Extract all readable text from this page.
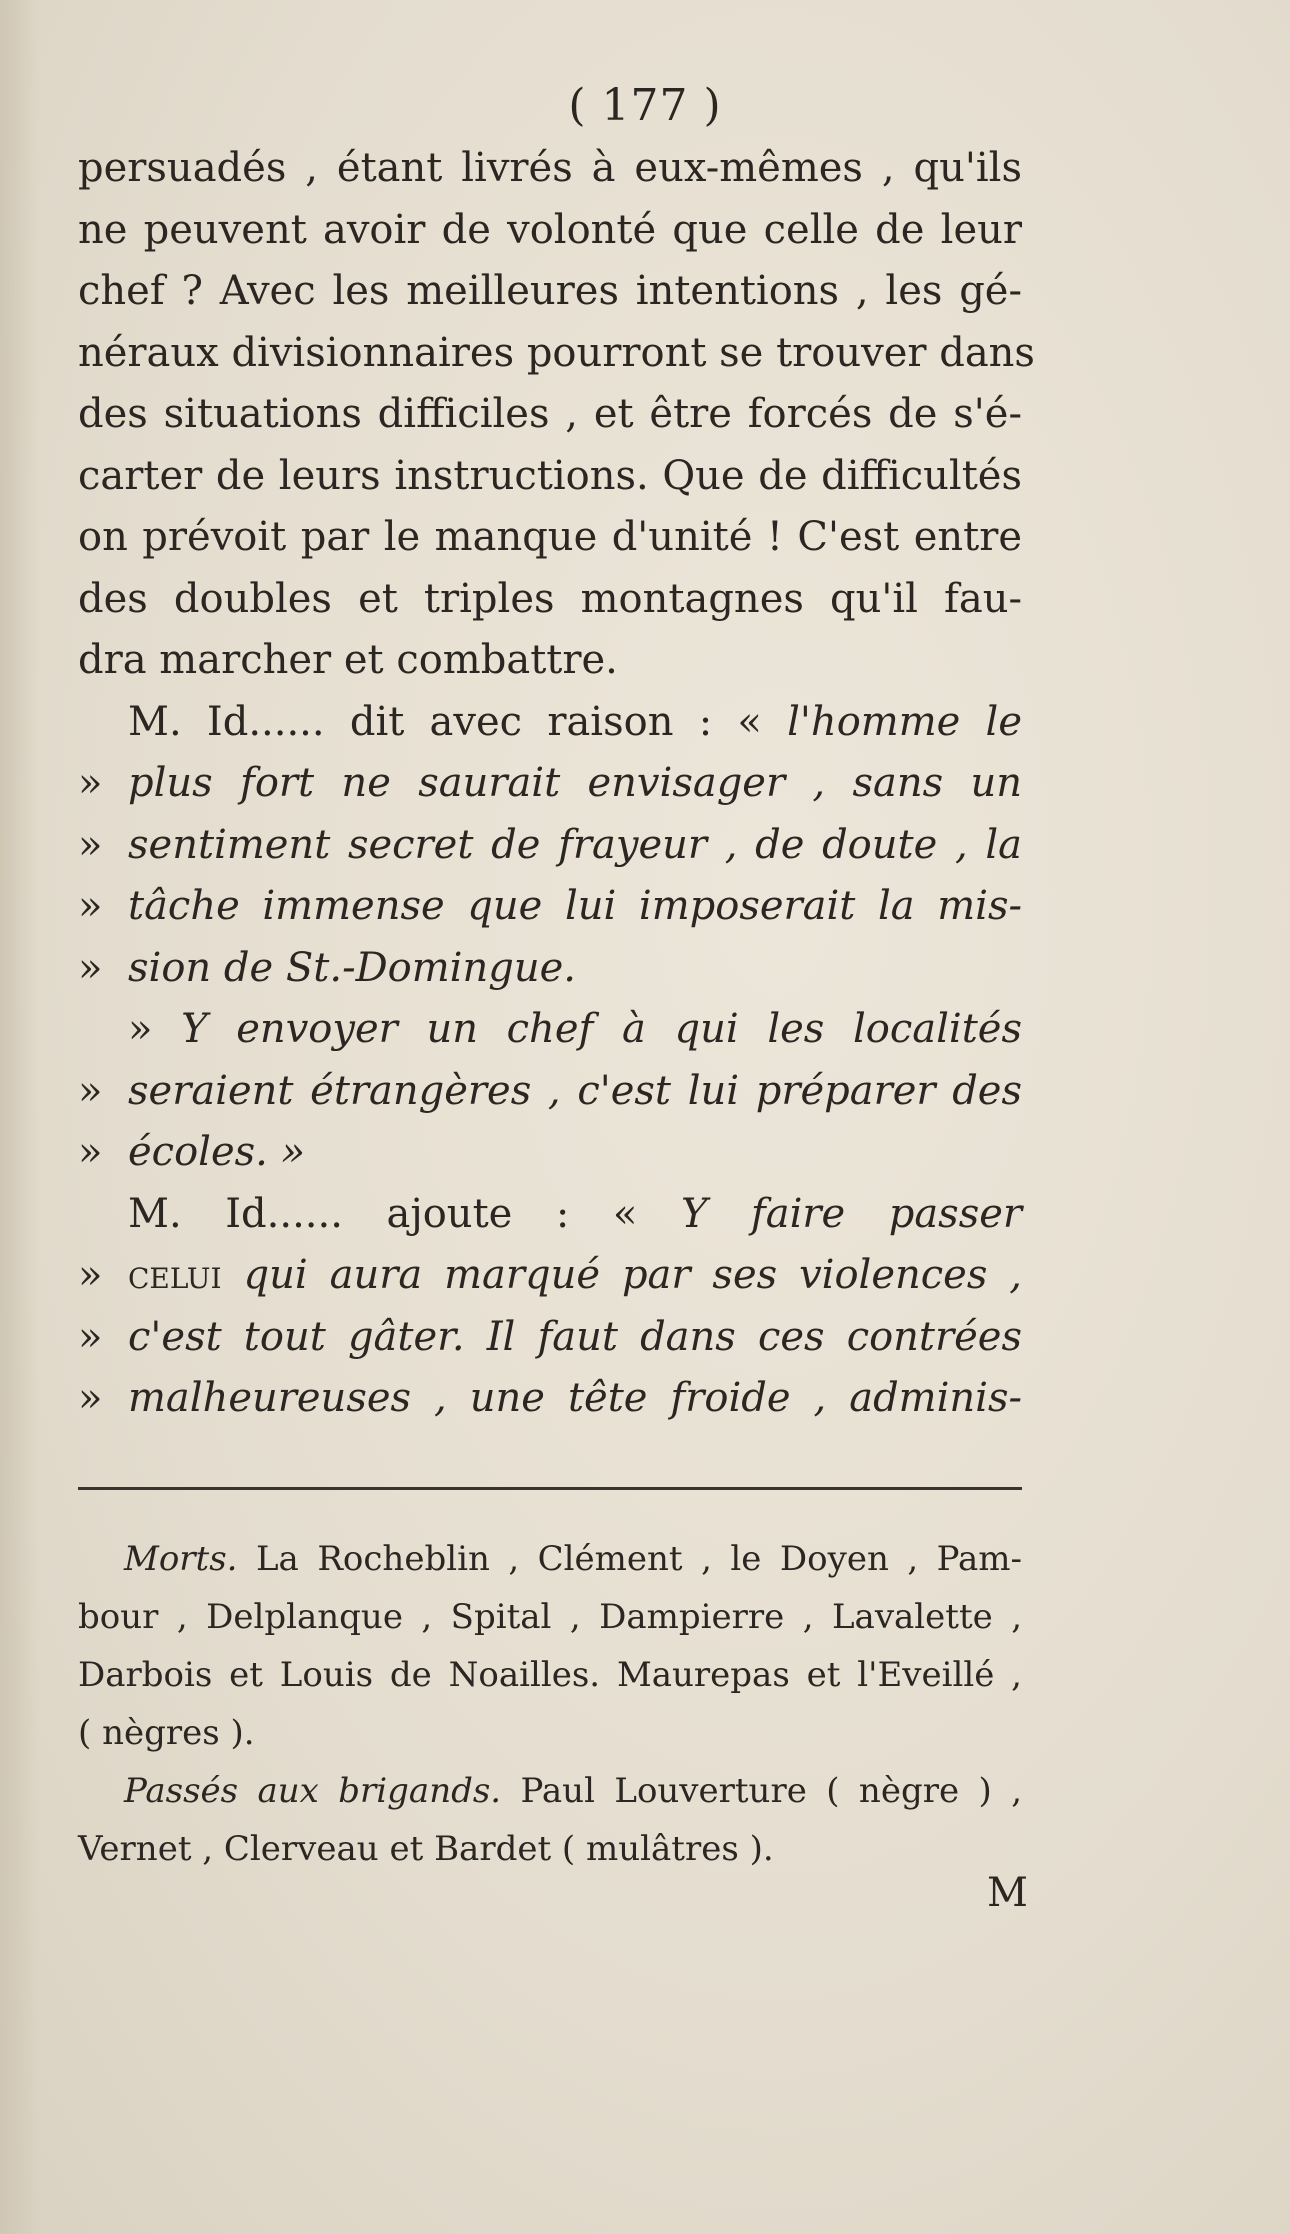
( 177 )
persuadés , étant livrés à eux-mêmes , qu'ils
ne peuvent avoir de volonté que celle de leur
chef ? Avec les meilleures intentions , les gé-
néraux divisionnaires pourront se trouver dans
des situations difficiles , et être forcés de s'é-
carter de leurs instructions. Que de difficultés
on prévoit par le manque d'unité ! C'est entre
des doubles et triples montagnes qu'il fau-
dra marcher et combattre.
M. Id...... dit avec raison : « l'homme le
» plus fort ne saurait envisager , sans un
» sentiment secret de frayeur , de doute , la
» tâche immense que lui imposerait la mis-
» sion de St.-Domingue.
» Y envoyer un chef à qui les localités
» seraient étrangères , c'est lui préparer des
» écoles. »
M. Id...... ajoute : « Y faire passer
» celui qui aura marqué par ses violences ,
» c'est tout gâter. Il faut dans ces contrées
» malheureuses , une tête froide , adminis-
Morts. La Rocheblin , Clément , le Doyen , Pam-
bour , Delplanque , Spital , Dampierre , Lavalette ,
Darbois et Louis de Noailles. Maurepas et l'Eveillé ,
( nègres ).
Passés aux brigands. Paul Louverture ( nègre ) ,
Vernet , Clerveau et Bardet ( mulâtres ).
M
